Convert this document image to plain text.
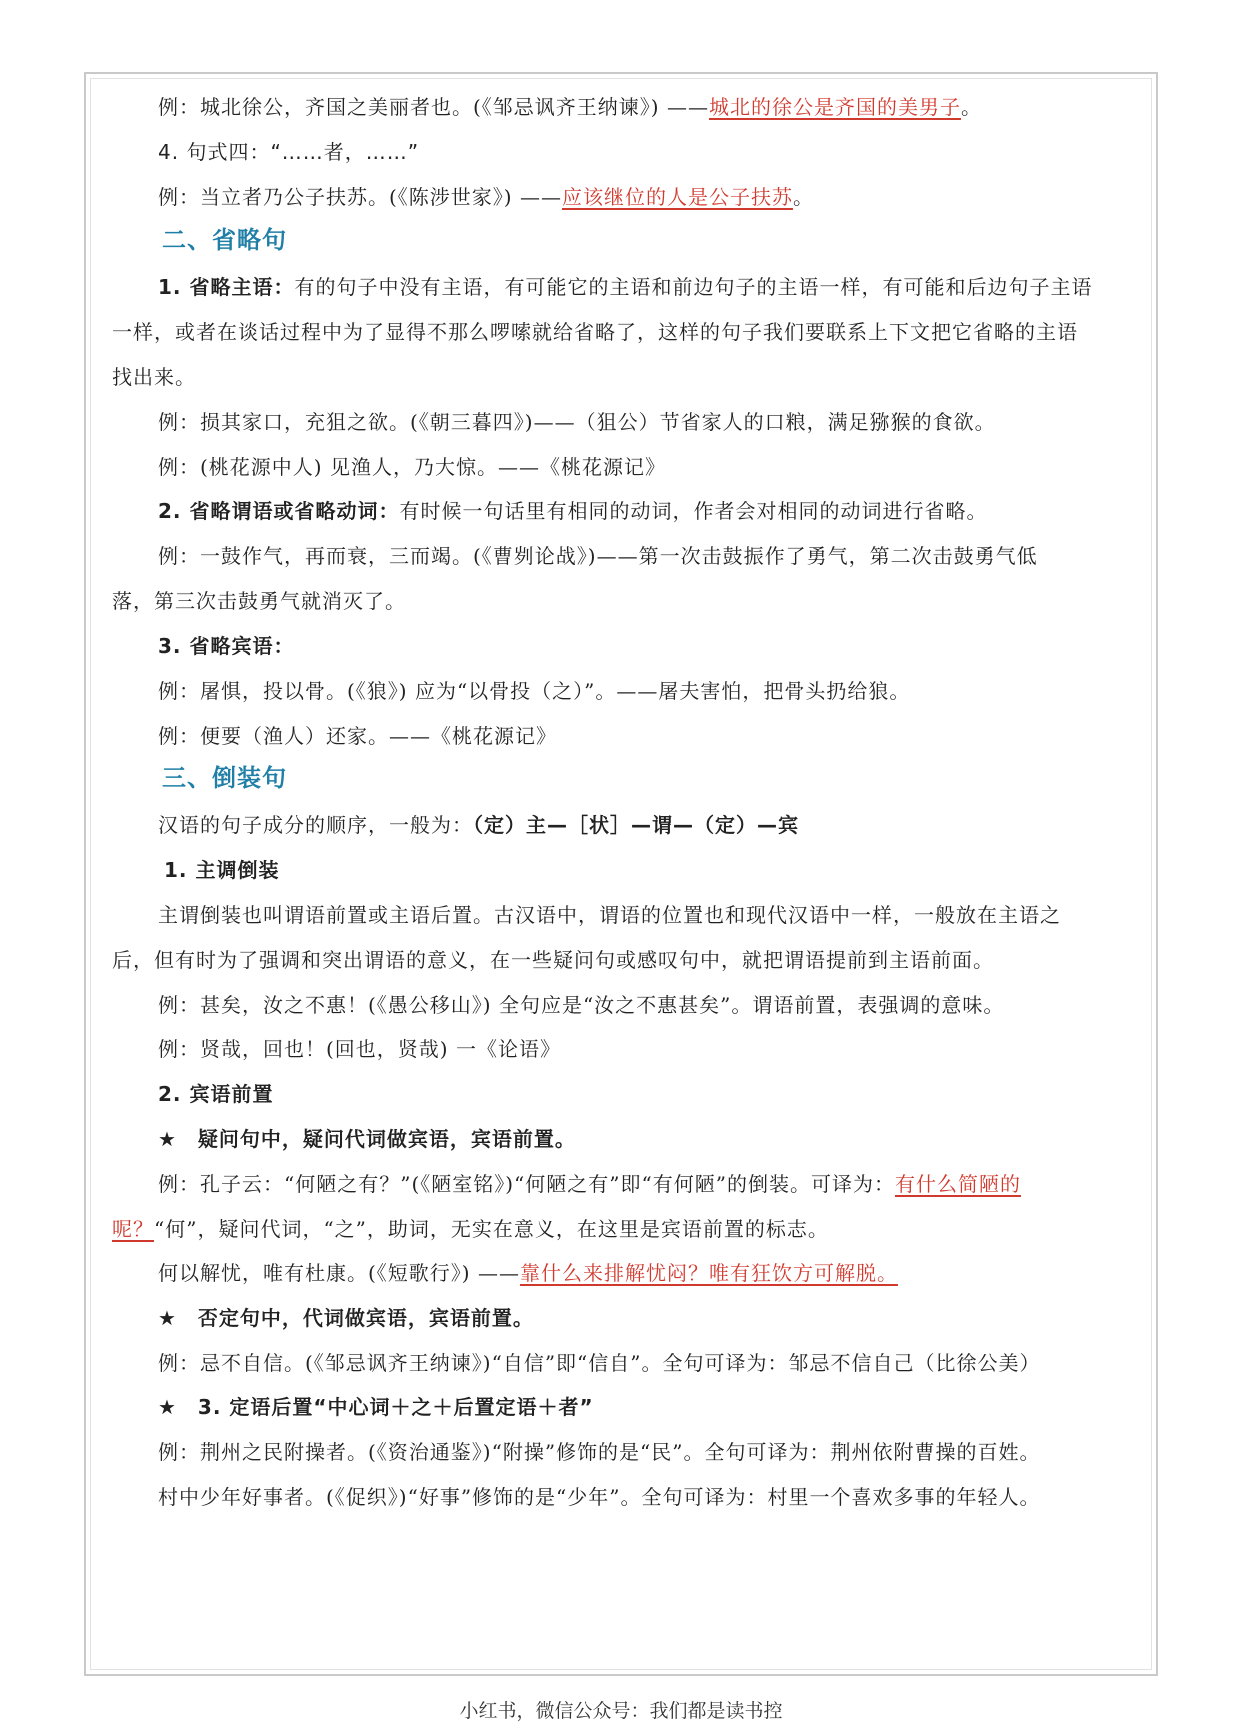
例：城北徐公，齐国之美丽者也。(《邹忌讽齐王纳谏》) ——城北的徐公是齐国的美男子。
4. 句式四：“……者，……”
例：当立者乃公子扶苏。(《陈涉世家》) ——应该继位的人是公子扶苏。
二、省略句
1. 省略主语：有的句子中没有主语，有可能它的主语和前边句子的主语一样，有可能和后边句子主语
一样，或者在谈话过程中为了显得不那么啰嗦就给省略了，这样的句子我们要联系上下文把它省略的主语
找出来。
例：损其家口，充狙之欲。(《朝三暮四》)——（狙公）节省家人的口粮，满足猕猴的食欲。
例：(桃花源中人) 见渔人，乃大惊。——《桃花源记》
2. 省略谓语或省略动词：有时候一句话里有相同的动词，作者会对相同的动词进行省略。
例：一鼓作气，再而衰，三而竭。(《曹刿论战》)——第一次击鼓振作了勇气，第二次击鼓勇气低
落，第三次击鼓勇气就消灭了。
3. 省略宾语：
例：屠惧，投以骨。(《狼》) 应为“以骨投（之）”。——屠夫害怕，把骨头扔给狼。
例：便要（渔人）还家。——《桃花源记》
三、倒装句
汉语的句子成分的顺序，一般为：（定）主—［状］—谓—（定）—宾
1. 主调倒装
主谓倒装也叫谓语前置或主语后置。古汉语中，谓语的位置也和现代汉语中一样，一般放在主语之
后，但有时为了强调和突出谓语的意义，在一些疑问句或感叹句中，就把谓语提前到主语前面。
例：甚矣，汝之不惠！(《愚公移山》) 全句应是“汝之不惠甚矣”。谓语前置，表强调的意味。
例：贤哉，回也！(回也，贤哉) 一《论语》
2. 宾语前置
★　疑问句中，疑问代词做宾语，宾语前置。
例：孔子云：“何陋之有？”(《陋室铭》)“何陋之有”即“有何陋”的倒装。可译为：有什么简陋的
呢？“何”，疑问代词，“之”，助词，无实在意义，在这里是宾语前置的标志。
何以解忧，唯有杜康。(《短歌行》) ——靠什么来排解忧闷？唯有狂饮方可解脱。
★　否定句中，代词做宾语，宾语前置。
例：忌不自信。(《邹忌讽齐王纳谏》)“自信”即“信自”。全句可译为：邹忌不信自己（比徐公美）
★　3. 定语后置“中心词＋之＋后置定语＋者”
例：荆州之民附操者。(《资治通鉴》)“附操”修饰的是“民”。全句可译为：荆州依附曹操的百姓。
村中少年好事者。(《促织》)“好事”修饰的是“少年”。全句可译为：村里一个喜欢多事的年轻人。
小红书，微信公众号：我们都是读书控
